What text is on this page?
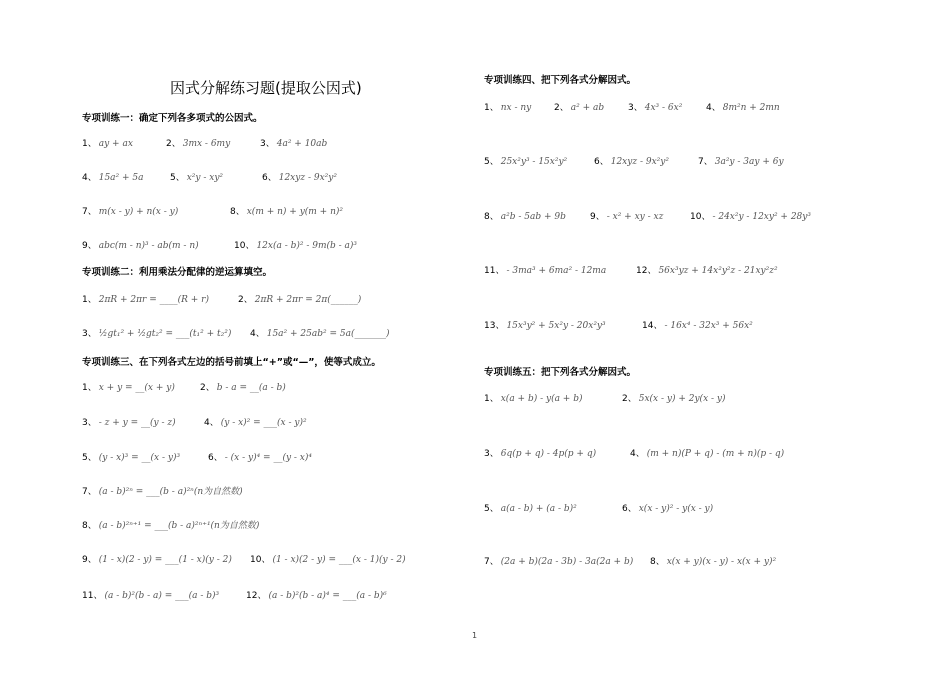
因式分解练习题(提取公因式)
专项训练一：确定下列各多项式的公因式。
1、 ay + ax	2、 3mx - 6my	3、 4a² + 10ab
4、 15a² + 5a	5、 x²y - xy²	6、 12xyz - 9x²y²
7、 m(x - y) + n(x - y)	8、 x(m + n) + y(m + n)²
9、 abc(m - n)³ - ab(m - n)	10、 12x(a - b)² - 9m(b - a)³
专项训练二：利用乘法分配律的逆运算填空。
1、 2πR + 2πr = ____(R + r)	2、 2πR + 2πr = 2π(______)
3、 ½gt₁² + ½gt₂² = ___(t₁² + t₂²) 4、 15a² + 25ab² = 5a(_______)
专项训练三、在下列各式左边的括号前填上“+”或“—”，使等式成立。
1、 x + y = __(x + y)	2、 b - a = __(a - b)
3、 - z + y = __(y - z)	4、 (y - x)² = ___(x - y)²
5、 (y - x)³ = __(x - y)³	6、 - (x - y)⁴ = __(y - x)⁴
7、 (a - b)²ⁿ = ___(b - a)²ⁿ(n为自然数)
8、 (a - b)²ⁿ⁺¹ = ___(b - a)²ⁿ⁺¹(n为自然数)
9、 (1 - x)(2 - y) = ___(1 - x)(y - 2) 10、 (1 - x)(2 - y) = ___(x - 1)(y - 2)
11、 (a - b)²(b - a) = ___(a - b)³	12、 (a - b)²(b - a)⁴ = ___(a - b)⁶
专项训练四、把下列各式分解因式。
1、 nx - ny	2、 a² + ab	3、 4x³ - 6x²	4、 8m²n + 2mn
5、 25x²y³ - 15x²y²	6、 12xyz - 9x²y²	7、 3a²y - 3ay + 6y
8、 a²b - 5ab + 9b	9、 - x² + xy - xz	10、 - 24x²y - 12xy² + 28y³
11、 - 3ma³ + 6ma² - 12ma	12、 56x³yz + 14x²y²z - 21xy²z²
13、 15x³y² + 5x²y - 20x²y³	14、 - 16x⁴ - 32x³ + 56x²
专项训练五：把下列各式分解因式。
1、 x(a + b) - y(a + b)	2、 5x(x - y) + 2y(x - y)
3、 6q(p + q) - 4p(p + q)	4、 (m + n)(P + q) - (m + n)(p - q)
5、 a(a - b) + (a - b)²	6、 x(x - y)² - y(x - y)
7、 (2a + b)(2a - 3b) - 3a(2a + b) 8、 x(x + y)(x - y) - x(x + y)²
1
